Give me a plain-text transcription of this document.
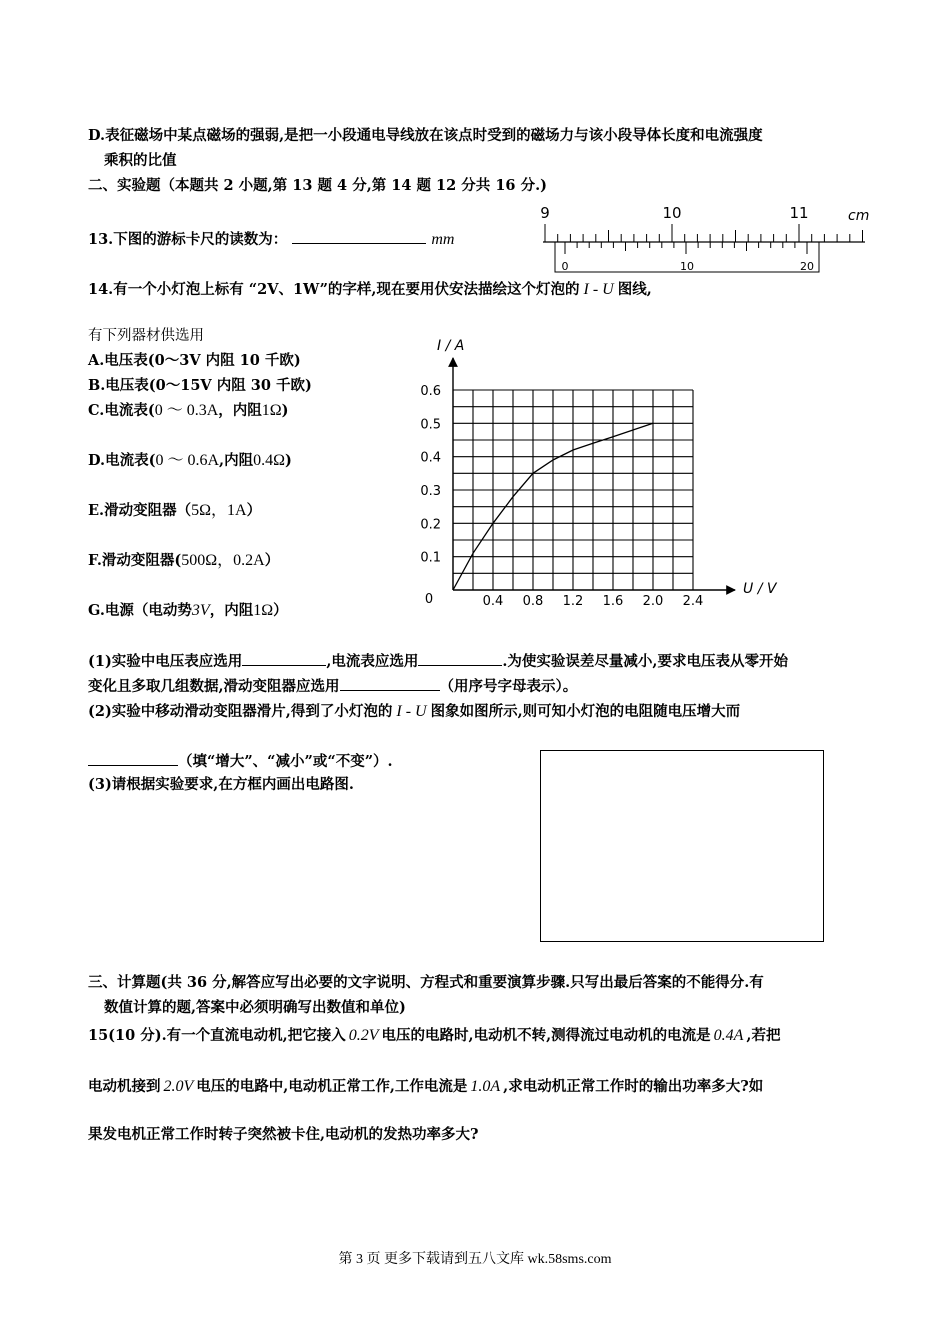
D.表征磁场中某点磁场的强弱,是把一小段通电导线放在该点时受到的磁场力与该小段导体长度和电流强度
乘积的比值
二、实验题（本题共 2 小题,第 13 题 4 分,第 14 题 12 分共 16 分.)
13.下图的游标卡尺的读数为：	mm
9	10	11	cm
0	10	20
14.有一个小灯泡上标有 “2V、1W”的字样,现在要用伏安法描绘这个灯泡的 I - U 图线,
有下列器材供选用
A.电压表(0～3V 内阻 10 千欧)
B.电压表(0～15V 内阻 30 千欧)
C.电流表(0 ～ 0.3A，内阻1Ω)
D.电流表(0 ～ 0.6A,内阻0.4Ω)
E.滑动变阻器（5Ω，1A）
F.滑动变阻器(500Ω，0.2A）
G.电源（电动势3V，内阻1Ω）
0.4 0.8 1.2 1.6 2.0 2.4
0.1
0.2
0.3
0.4
0.5
0.6
0
I / A
U / V
(1)实验中电压表应选用	,电流表应选用	.为使实验误差尽量减小,要求电压表从零开始
变化且多取几组数据,滑动变阻器应选用	（用序号字母表示）。
(2)实验中移动滑动变阻器滑片,得到了小灯泡的 I - U 图象如图所示,则可知小灯泡的电阻随电压增大而
（填“增大”、“减小”或“不变”）.
(3)请根据实验要求,在方框内画出电路图.
三、计算题(共 36 分,解答应写出必要的文字说明、方程式和重要演算步骤.只写出最后答案的不能得分.有
数值计算的题,答案中必须明确写出数值和单位)
15(10 分).有一个直流电动机,把它接入 0.2V 电压的电路时,电动机不转,测得流过电动机的电流是 0.4A ,若把
电动机接到 2.0V 电压的电路中,电动机正常工作,工作电流是 1.0A ,求电动机正常工作时的输出功率多大?如
果发电机正常工作时转子突然被卡住,电动机的发热功率多大?
第 3 页 更多下载请到五八文库 wk.58sms.com
